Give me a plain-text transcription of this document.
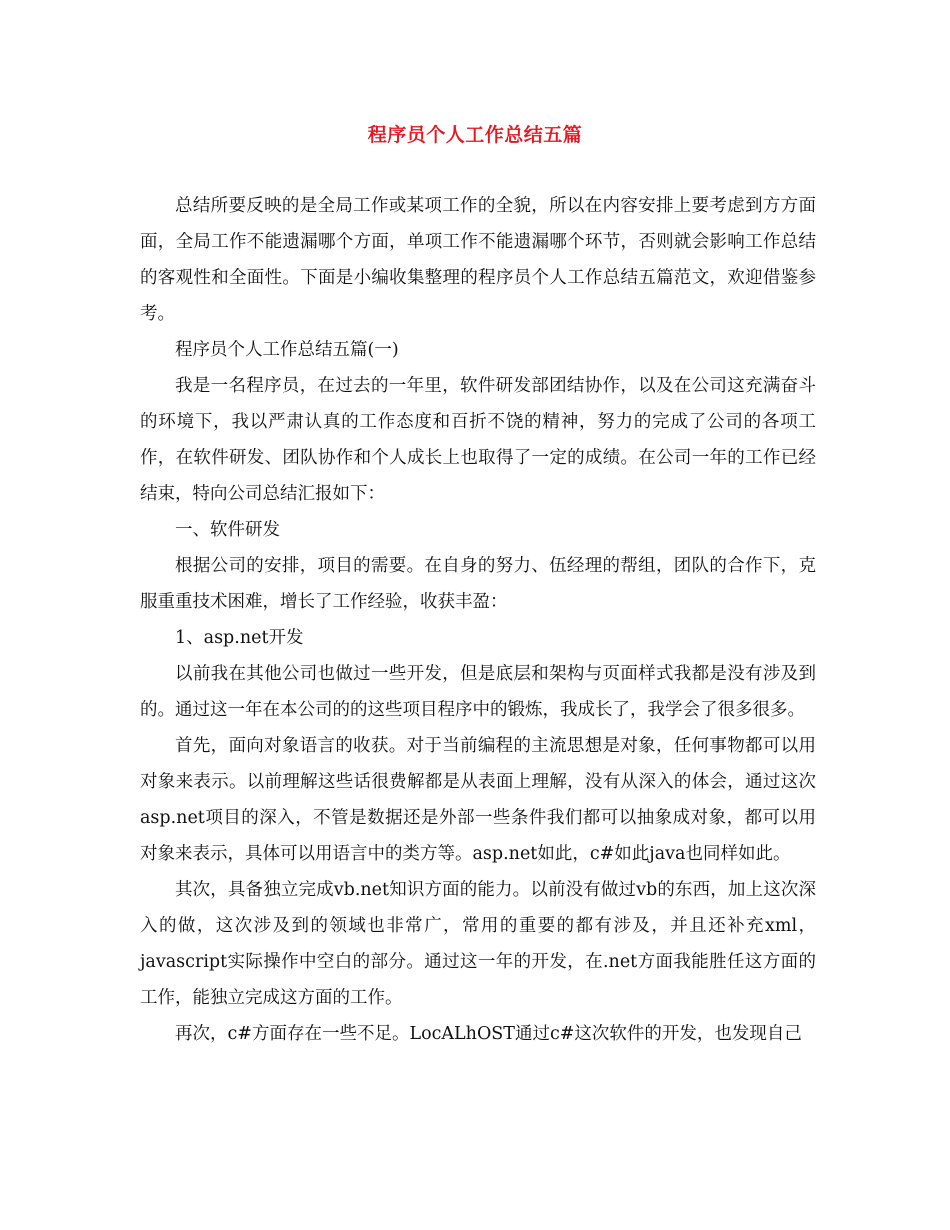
程序员个人工作总结五篇

总结所要反映的是全局工作或某项工作的全貌，所以在内容安排上要考虑到方方面面，全局工作不能遗漏哪个方面，单项工作不能遗漏哪个环节，否则就会影响工作总结的客观性和全面性。下面是小编收集整理的程序员个人工作总结五篇范文，欢迎借鉴参考。

程序员个人工作总结五篇(一)

我是一名程序员，在过去的一年里，软件研发部团结协作，以及在公司这充满奋斗的环境下，我以严肃认真的工作态度和百折不饶的精神，努力的完成了公司的各项工作，在软件研发、团队协作和个人成长上也取得了一定的成绩。在公司一年的工作已经结束，特向公司总结汇报如下：

一、软件研发

根据公司的安排，项目的需要。在自身的努力、伍经理的帮组，团队的合作下，克服重重技术困难，增长了工作经验，收获丰盈：

1、asp.net开发

以前我在其他公司也做过一些开发，但是底层和架构与页面样式我都是没有涉及到的。通过这一年在本公司的的这些项目程序中的锻炼，我成长了，我学会了很多很多。

首先，面向对象语言的收获。对于当前编程的主流思想是对象，任何事物都可以用对象来表示。以前理解这些话很费解都是从表面上理解，没有从深入的体会，通过这次asp.net项目的深入，不管是数据还是外部一些条件我们都可以抽象成对象，都可以用对象来表示，具体可以用语言中的类方等。asp.net如此，c#如此java也同样如此。

其次，具备独立完成vb.net知识方面的能力。以前没有做过vb的东西，加上这次深入的做，这次涉及到的领域也非常广，常用的重要的都有涉及，并且还补充xml，javascript实际操作中空白的部分。通过这一年的开发，在.net方面我能胜任这方面的工作，能独立完成这方面的工作。

再次，c#方面存在一些不足。LocALhOST通过c#这次软件的开发，也发现自己
